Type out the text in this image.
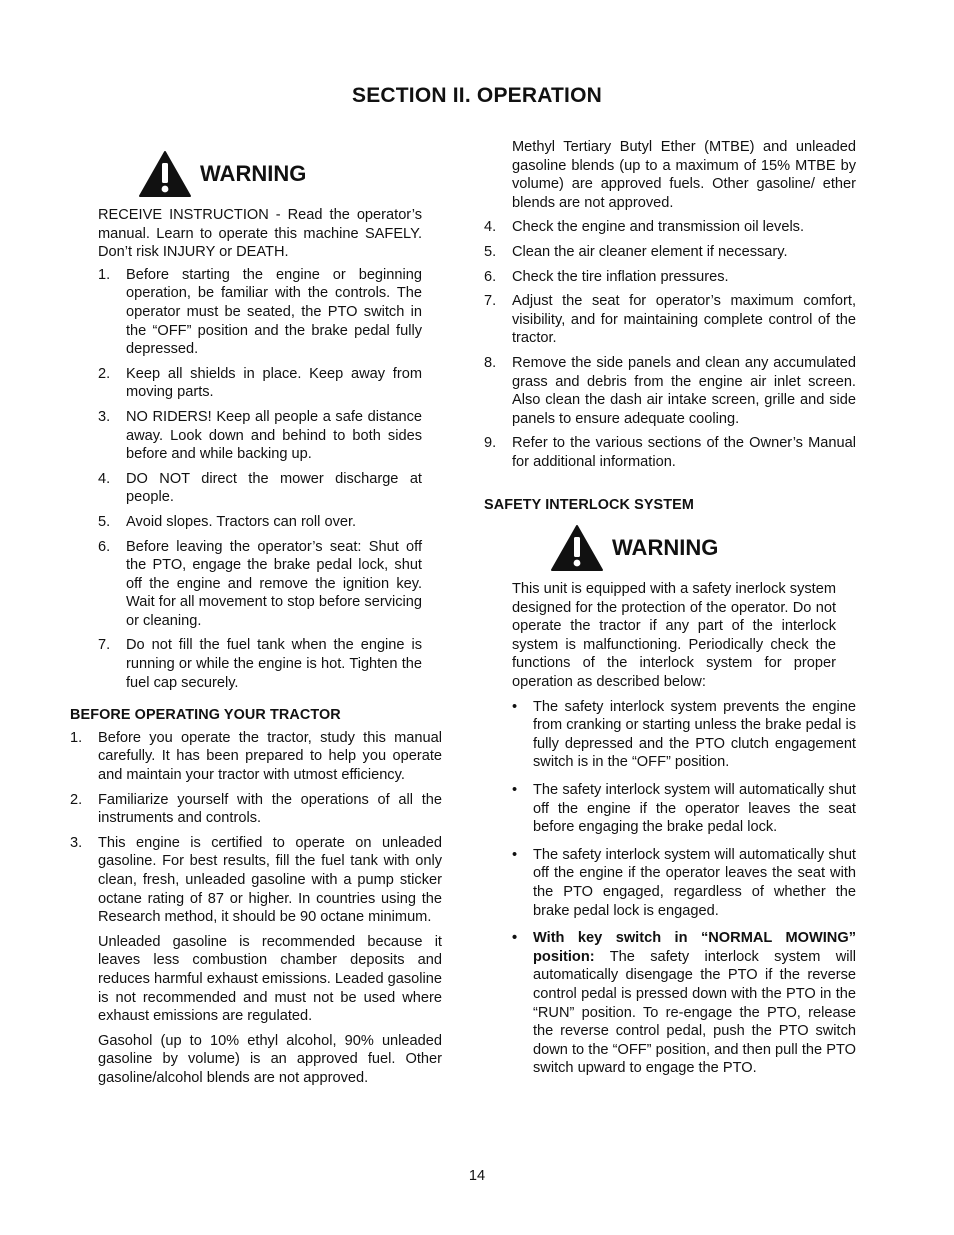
SECTION II. OPERATION
WARNING

RECEIVE INSTRUCTION - Read the operator’s manual. Learn to operate this machine SAFELY. Don’t risk INJURY or DEATH.

1.	Before starting the engine or beginning operation, be familiar with the controls. The operator must be seated, the PTO switch in the “OFF” position and the brake pedal fully depressed.
2.	Keep all shields in place. Keep away from moving parts.
3.	NO RIDERS! Keep all people a safe distance away. Look down and behind to both sides before and while backing up.
4.	DO NOT direct the mower discharge at people.
5.	Avoid slopes. Tractors can roll over.
6.	Before leaving the operator’s seat: Shut off the PTO, engage the brake pedal lock, shut off the engine and remove the ignition key. Wait for all movement to stop before servicing or cleaning.
7.	Do not fill the fuel tank when the engine is running or while the engine is hot. Tighten the fuel cap securely.
BEFORE OPERATING YOUR TRACTOR
1.	Before you operate the tractor, study this manual carefully. It has been prepared to help you operate and maintain your tractor with utmost efficiency.
2.	Familiarize yourself with the operations of all the instruments and controls.
3.	This engine is certified to operate on unleaded gasoline. For best results, fill the fuel tank with only clean, fresh, unleaded gasoline with a pump sticker octane rating of 87 or higher. In countries using the Research method, it should be 90 octane minimum.

Unleaded gasoline is recommended because it leaves less combustion chamber deposits and reduces harmful exhaust emissions. Leaded gasoline is not recommended and must not be used where exhaust emissions are regulated.

Gasohol (up to 10% ethyl alcohol, 90% unleaded gasoline by volume) is an approved fuel. Other gasoline/alcohol blends are not approved.

Methyl Tertiary Butyl Ether (MTBE) and unleaded gasoline blends (up to a maximum of 15% MTBE by volume) are approved fuels. Other gasoline/ ether blends are not approved.

4.	Check the engine and transmission oil levels.
5.	Clean the air cleaner element if necessary.
6.	Check the tire inflation pressures.
7.	Adjust the seat for operator’s maximum comfort, visibility, and for maintaining complete control of the tractor.
8.	Remove the side panels and clean any accumulated grass and debris from the engine air inlet screen. Also clean the dash air intake screen, grille and side panels to ensure adequate cooling.
9.	Refer to the various sections of the Owner’s Manual for additional information.
SAFETY INTERLOCK SYSTEM
WARNING

This unit is equipped with a safety inerlock system designed for the protection of the operator. Do not operate the tractor if any part of the interlock system is malfunctioning. Periodically check the functions of the interlock system for proper operation as described below:

•	The safety interlock system prevents the engine from cranking or starting unless the brake pedal is fully depressed and the PTO clutch engagement switch is in the “OFF” position.
•	The safety interlock system will automatically shut off the engine if the operator leaves the seat before engaging the brake pedal lock.
•	The safety interlock system will automatically shut off the engine if the operator leaves the seat with the PTO engaged, regardless of whether the brake pedal lock is engaged.
•	With key switch in “NORMAL MOWING” position: The safety interlock system will automatically disengage the PTO if the reverse control pedal is pressed down with the PTO in the “RUN” position. To re-engage the PTO, release the reverse control pedal, push the PTO switch down to the “OFF” position, and then pull the PTO switch upward to engage the PTO.
14
